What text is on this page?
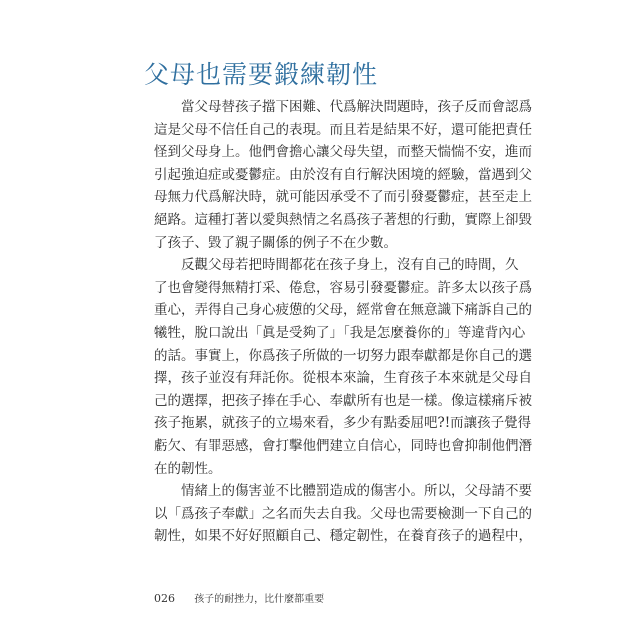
父母也需要鍛練韌性

　　當父母替孩子擋下困難、代爲解決問題時，孩子反而會認爲
這是父母不信任自己的表現。而且若是結果不好，還可能把責任
怪到父母身上。他們會擔心讓父母失望，而整天惴惴不安，進而
引起強迫症或憂鬱症。由於沒有自行解決困境的經驗，當遇到父
母無力代爲解決時，就可能因承受不了而引發憂鬱症，甚至走上
絕路。這種打著以愛與熱情之名爲孩子著想的行動，實際上卻毀
了孩子、毀了親子關係的例子不在少數。

　　反觀父母若把時間都花在孩子身上，沒有自己的時間，久
了也會變得無精打采、倦怠，容易引發憂鬱症。許多太以孩子爲
重心，弄得自己身心疲憊的父母，經常會在無意識下痛訴自己的
犧牲，脫口說出「眞是受夠了」「我是怎麼養你的」等違背內心
的話。事實上，你爲孩子所做的一切努力跟奉獻都是你自己的選
擇，孩子並沒有拜託你。從根本來論，生育孩子本來就是父母自
己的選擇，把孩子捧在手心、奉獻所有也是一樣。像這樣痛斥被
孩子拖累，就孩子的立場來看，多少有點委屈吧?!而讓孩子覺得
虧欠、有罪惡感，會打擊他們建立自信心，同時也會抑制他們潛
在的韌性。

　　情緒上的傷害並不比體罰造成的傷害小。所以，父母請不要
以「爲孩子奉獻」之名而失去自我。父母也需要檢測一下自己的
韌性，如果不好好照顧自己、穩定韌性，在養育孩子的過程中，

026 孩子的耐挫力，比什麼都重要
